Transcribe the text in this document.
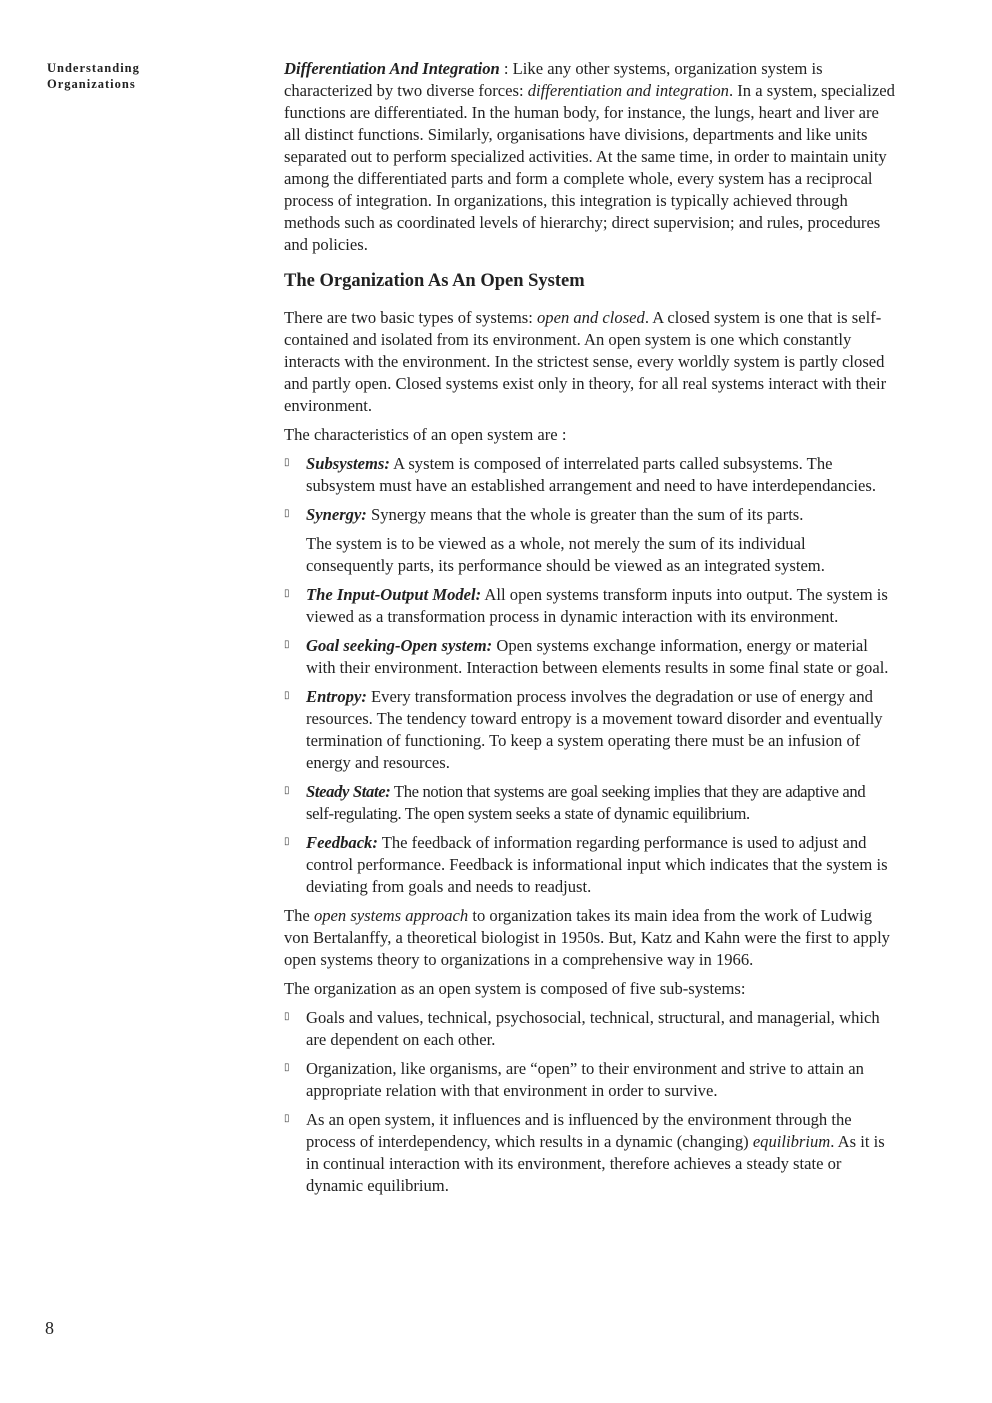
Understanding
Organizations

Differentiation And Integration : Like any other systems, organization system is characterized by two diverse forces: differentiation and integration. In a system, specialized functions are differentiated. In the human body, for instance, the lungs, heart and liver are all distinct functions. Similarly, organisations have divisions, departments and like units separated out to perform specialized activities. At the same time, in order to maintain unity among the differentiated parts and form a complete whole, every system has a reciprocal process of integration. In organizations, this integration is typically achieved through methods such as coordinated levels of hierarchy; direct supervision; and rules, procedures and policies.

The Organization As An Open System

There are two basic types of systems: open and closed. A closed system is one that is self-contained and isolated from its environment. An open system is one which constantly interacts with the environment. In the strictest sense, every worldly system is partly closed and partly open. Closed systems exist only in theory, for all real systems interact with their environment.

The characteristics of an open system are :

▯ Subsystems: A system is composed of interrelated parts called subsystems. The subsystem must have an established arrangement and need to have interdependancies.
▯ Synergy: Synergy means that the whole is greater than the sum of its parts.
The system is to be viewed as a whole, not merely the sum of its individual consequently parts, its performance should be viewed as an integrated system.
▯ The Input-Output Model: All open systems transform inputs into output. The system is viewed as a transformation process in dynamic interaction with its environment.
▯ Goal seeking-Open system: Open systems exchange information, energy or material with their environment. Interaction between elements results in some final state or goal.
▯ Entropy: Every transformation process involves the degradation or use of energy and resources. The tendency toward entropy is a movement toward disorder and eventually termination of functioning. To keep a system operating there must be an infusion of energy and resources.
▯ Steady State: The notion that systems are goal seeking implies that they are adaptive and self-regulating. The open system seeks a state of dynamic equilibrium.
▯ Feedback: The feedback of information regarding performance is used to adjust and control performance. Feedback is informational input which indicates that the system is deviating from goals and needs to readjust.

The open systems approach to organization takes its main idea from the work of Ludwig von Bertalanffy, a theoretical biologist in 1950s. But, Katz and Kahn were the first to apply open systems theory to organizations in a comprehensive way in 1966.

The organization as an open system is composed of five sub-systems:

▯ Goals and values, technical, psychosocial, technical, structural, and managerial, which are dependent on each other.
▯ Organization, like organisms, are “open” to their environment and strive to attain an appropriate relation with that environment in order to survive.
▯ As an open system, it influences and is influenced by the environment through the process of interdependency, which results in a dynamic (changing) equilibrium. As it is in continual interaction with its environment, therefore achieves a steady state or dynamic equilibrium.
8
